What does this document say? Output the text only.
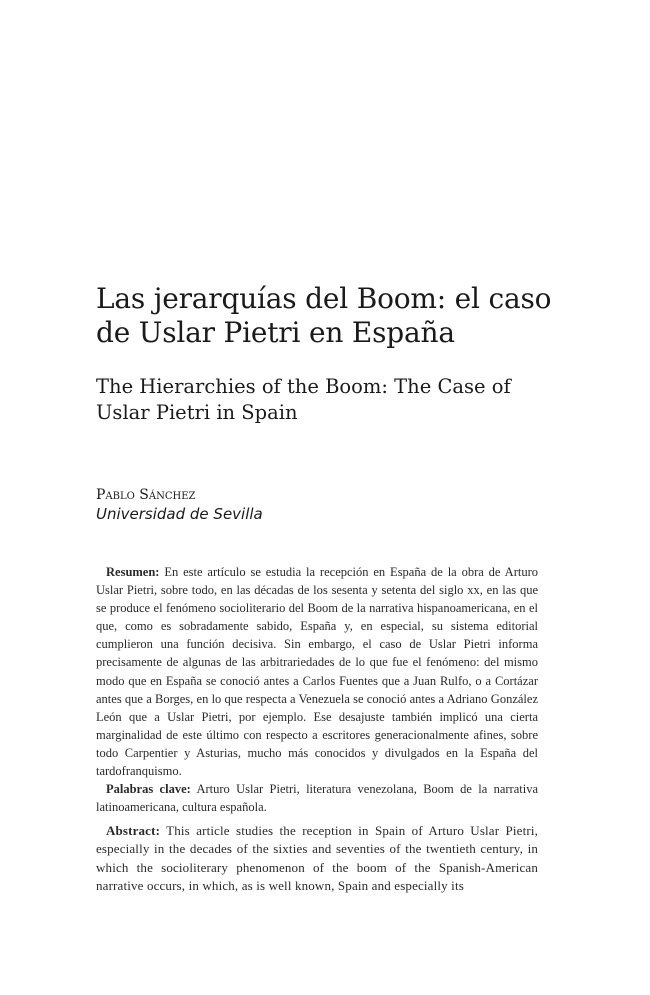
Las jerarquías del Boom: el caso de Uslar Pietri en España
The Hierarchies of the Boom: The Case of Uslar Pietri in Spain
Pablo Sánchez
Universidad de Sevilla

Resumen: En este artículo se estudia la recepción en España de la obra de Arturo Uslar Pietri, sobre todo, en las décadas de los sesenta y setenta del siglo xx, en las que se produce el fenómeno socioliterario del Boom de la narrativa hispanoamericana, en el que, como es sobradamente sabido, España y, en especial, su sistema editorial cumplieron una función decisiva. Sin embargo, el caso de Uslar Pietri informa precisamente de algunas de las arbitrariedades de lo que fue el fenómeno: del mismo modo que en España se conoció antes a Carlos Fuentes que a Juan Rulfo, o a Cortázar antes que a Borges, en lo que respecta a Venezuela se conoció antes a Adriano González León que a Uslar Pietri, por ejemplo. Ese desajuste también implicó una cierta marginalidad de este último con respecto a escritores generacionalmente afines, sobre todo Carpentier y Asturias, mucho más conocidos y divulgados en la España del tardofranquismo.

Palabras clave: Arturo Uslar Pietri, literatura venezolana, Boom de la narrativa latinoamericana, cultura española.

Abstract: This article studies the reception in Spain of Arturo Uslar Pietri, especially in the decades of the sixties and seventies of the twentieth century, in which the socioliterary phenomenon of the boom of the Spanish-American narrative occurs, in which, as is well known, Spain and especially its
